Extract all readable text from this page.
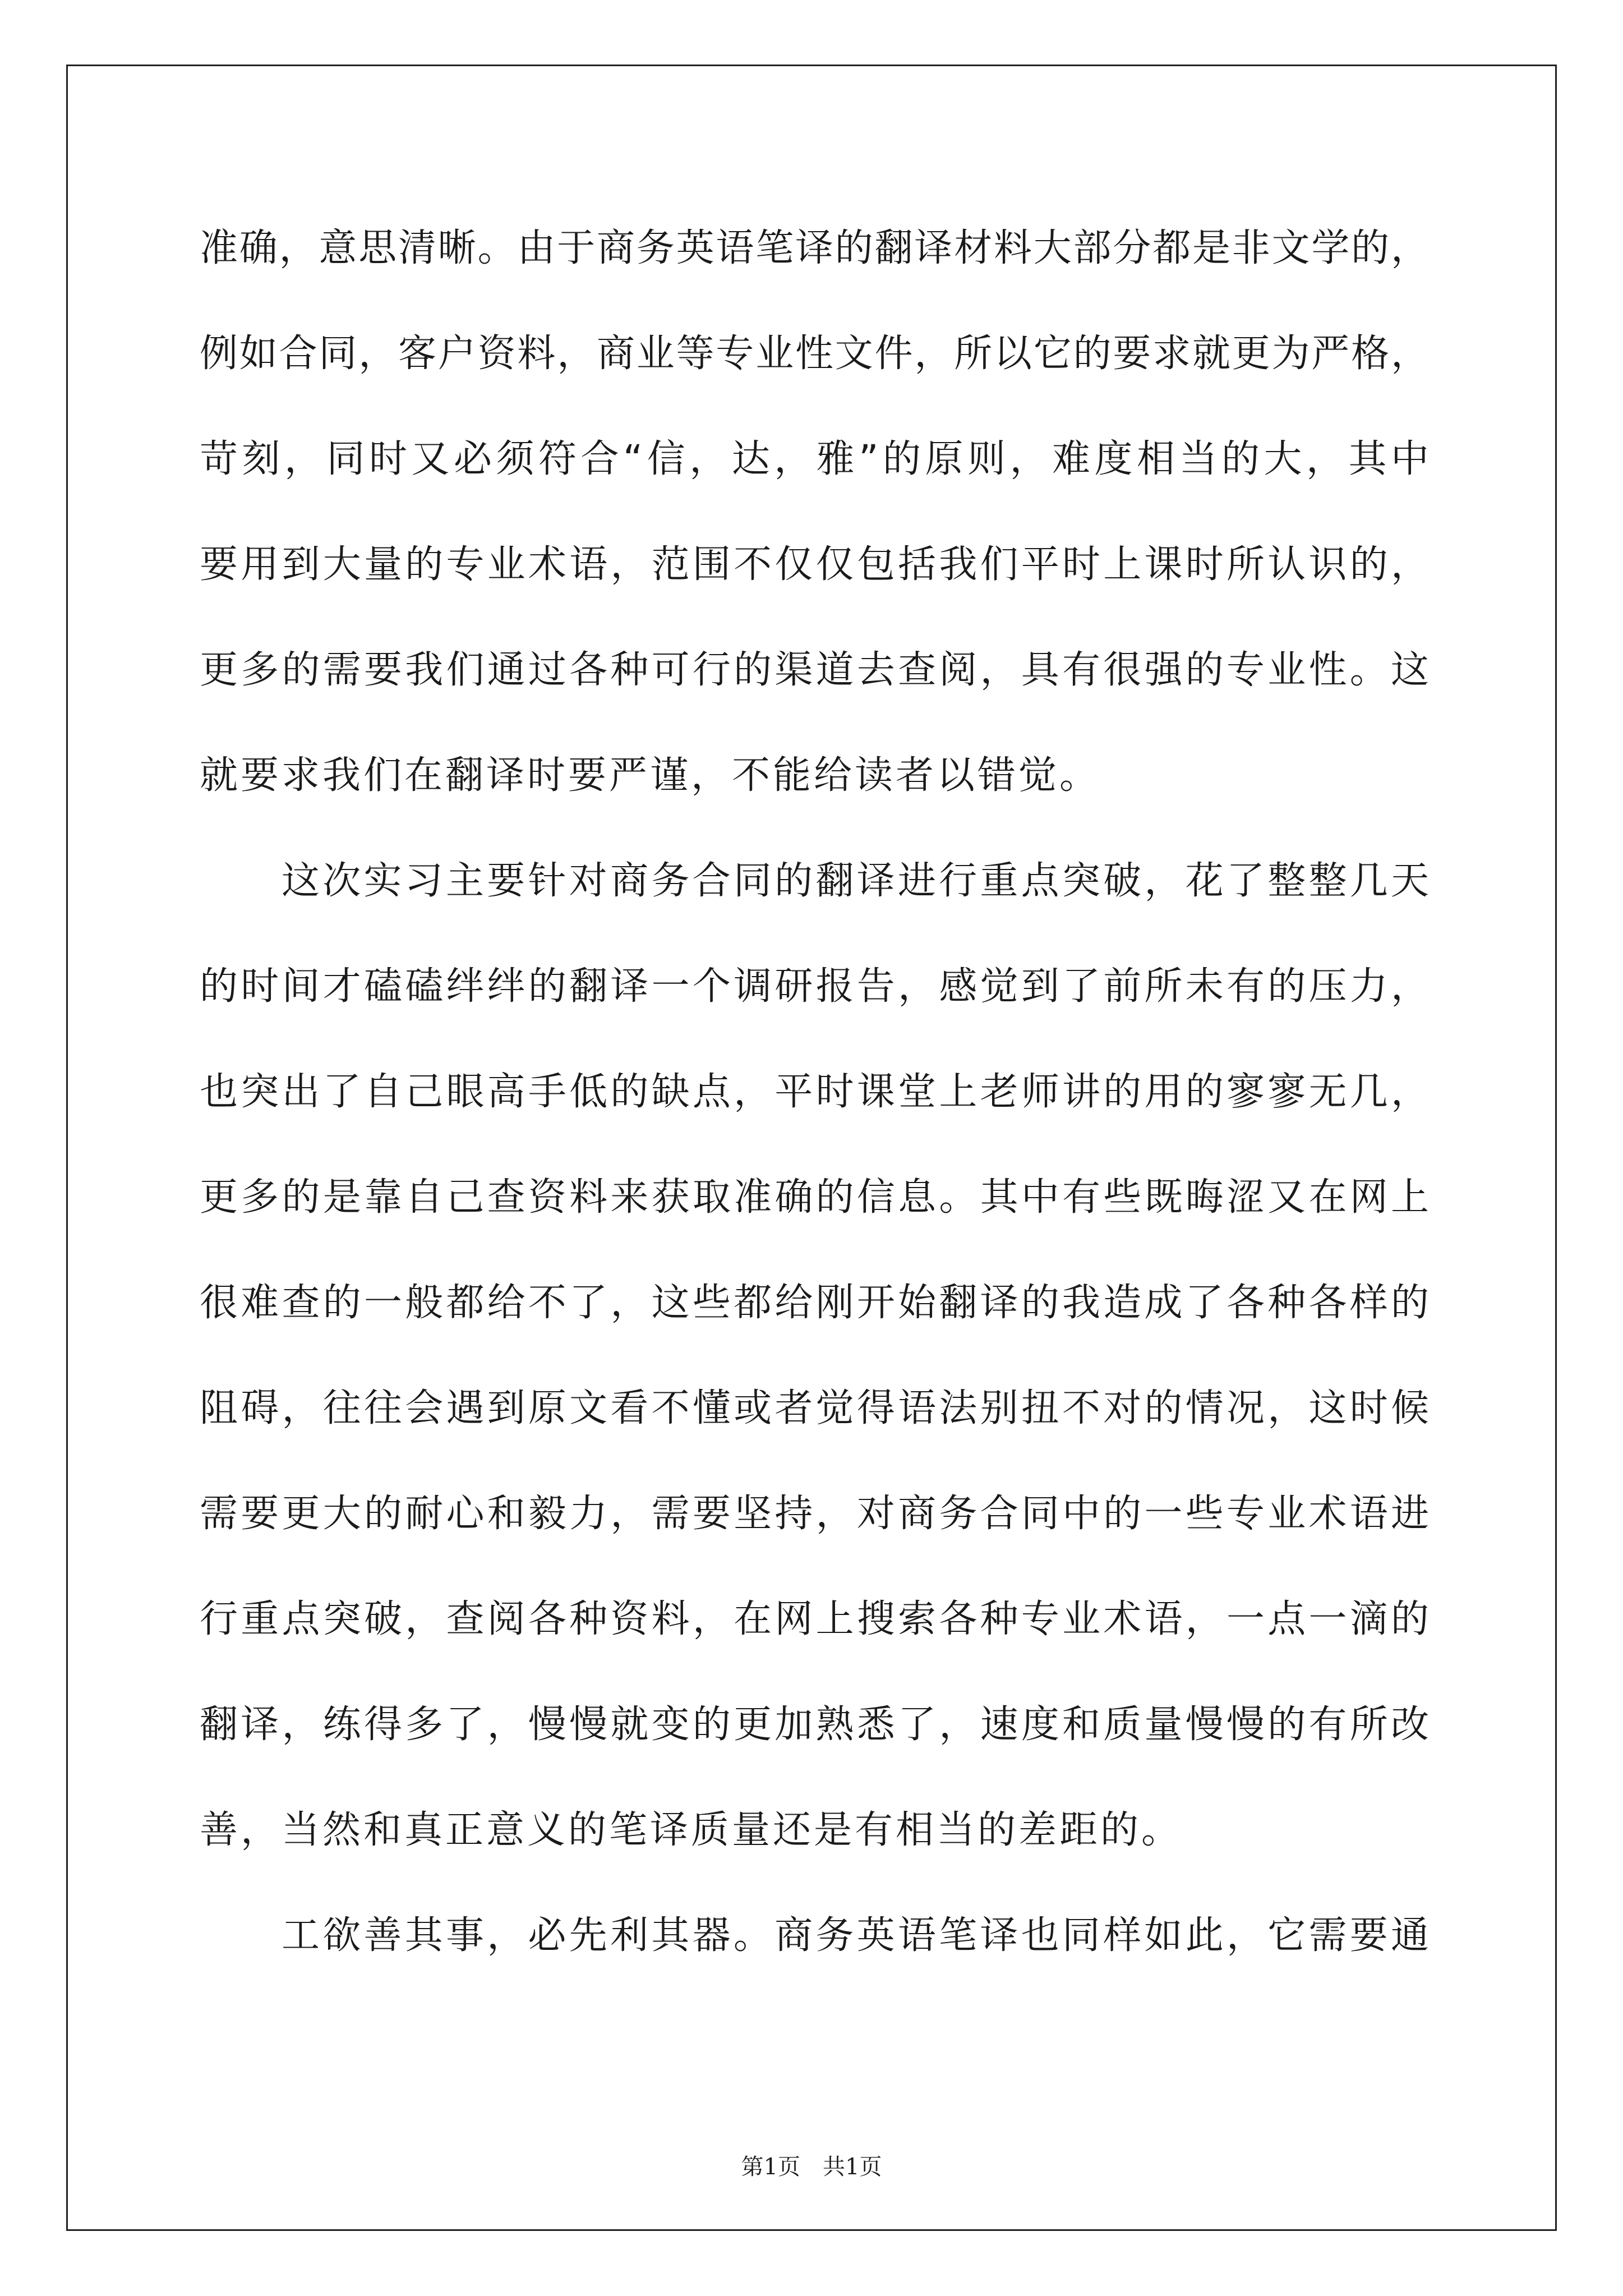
准确，意思清晰。由于商务英语笔译的翻译材料大部分都是非文学的，
例如合同，客户资料，商业等专业性文件，所以它的要求就更为严格，
苛刻，同时又必须符合“信，达，雅”的原则，难度相当的大，其中
要用到大量的专业术语，范围不仅仅包括我们平时上课时所认识的，
更多的需要我们通过各种可行的渠道去查阅，具有很强的专业性。这
就要求我们在翻译时要严谨，不能给读者以错觉。
这次实习主要针对商务合同的翻译进行重点突破，花了整整几天
的时间才磕磕绊绊的翻译一个调研报告，感觉到了前所未有的压力，
也突出了自己眼高手低的缺点，平时课堂上老师讲的用的寥寥无几，
更多的是靠自己查资料来获取准确的信息。其中有些既晦涩又在网上
很难查的一般都给不了，这些都给刚开始翻译的我造成了各种各样的
阻碍，往往会遇到原文看不懂或者觉得语法别扭不对的情况，这时候
需要更大的耐心和毅力，需要坚持，对商务合同中的一些专业术语进
行重点突破，查阅各种资料，在网上搜索各种专业术语，一点一滴的
翻译，练得多了，慢慢就变的更加熟悉了，速度和质量慢慢的有所改
善，当然和真正意义的笔译质量还是有相当的差距的。
工欲善其事，必先利其器。商务英语笔译也同样如此，它需要通
第1页　共1页
